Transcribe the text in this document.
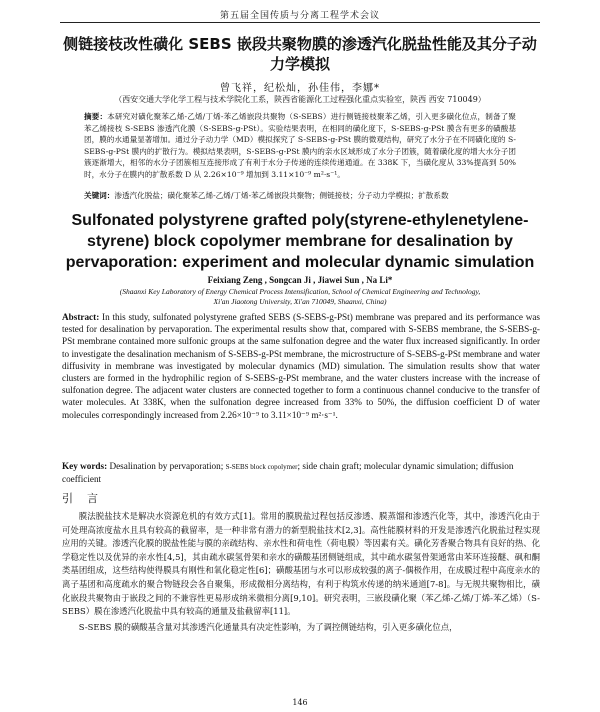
第五届全国传质与分离工程学术会议
侧链接枝改性磺化 SEBS 嵌段共聚物膜的渗透汽化脱盐性能及其分子动力学模拟
曾飞祥，纪松灿，孙佳伟，李娜*
（西安交通大学化学工程与技术学院化工系，陕西省能源化工过程强化重点实验室，陕西 西安 710049）
摘要：本研究对磺化聚苯乙烯-乙烯/丁烯-苯乙烯嵌段共聚物（S-SEBS）进行侧链接枝聚苯乙烯，引入更多磺化位点，制备了聚苯乙烯接枝 S-SEBS 渗透汽化膜（S-SEBS-g-PSt）。实验结果表明，在相同的磺化度下，S-SEBS-g-PSt 膜含有更多的磺酸基团，膜的水通量显著增加。通过分子动力学（MD）模拟探究了 S-SEBS-g-PSt 膜的微观结构，研究了水分子在不同磺化度的 S-SEBS-g-PSt 膜内的扩散行为。模拟结果表明，S-SEBS-g-PSt 膜内的亲水区域形成了水分子团簇，随着磺化度的增大水分子团簇逐渐增大，相邻的水分子团簇相互连接形成了有利于水分子传递的连续传递通道。在 338K 下，当磺化度从 33%提高到 50%时，水分子在膜内的扩散系数 D 从 2.26×10⁻⁹ 增加到 3.11×10⁻⁹ m²·s⁻¹。
关键词：渗透汽化脱盐；磺化聚苯乙烯-乙烯/丁烯-苯乙烯嵌段共聚物；侧链接枝；分子动力学模拟；扩散系数
Sulfonated polystyrene grafted poly(styrene-ethylenetylene-styrene) block copolymer membrane for desalination by pervaporation: experiment and molecular dynamic simulation
Feixiang Zeng , Songcan Ji , Jiawei Sun , Na Li*
(Shaanxi Key Laboratory of Energy Chemical Process Intensification, School of Chemical Engineering and Technology,
Xi'an Jiaotong University, Xi'an 710049, Shaanxi, China)
Abstract: In this study, sulfonated polystyrene grafted SEBS (S-SEBS-g-PSt) membrane was prepared and its performance was tested for desalination by pervaporation. The experimental results show that, compared with S-SEBS membrane, the S-SEBS-g-PSt membrane contained more sulfonic groups at the same sulfonation degree and the water flux increased significantly. In order to investigate the desalination mechanism of S-SEBS-g-PSt membrane, the microstructure of S-SEBS-g-PSt membrane and water diffusivity in membrane was investigated by molecular dynamics (MD) simulation. The simulation results show that water clusters are formed in the hydrophilic region of S-SEBS-g-PSt membrane, and the water clusters increase with the increase of sulfonation degree. The adjacent water clusters are connected together to form a continuous channel conducive to the transfer of water molecules. At 338K, when the sulfonation degree increased from 33% to 50%, the diffusion coefficient D of water molecules correspondingly increased from 2.26×10⁻⁹ to 3.11×10⁻⁹ m²·s⁻¹.
Key words: Desalination by pervaporation; S-SEBS block copolymer; side chain graft; molecular dynamic simulation; diffusion coefficient
引言

膜法脱盐技术是解决水资源危机的有效方式[1]。常用的膜脱盐过程包括反渗透、膜蒸馏和渗透汽化等，其中，渗透汽化由于可处理高浓度盐水且具有较高的截留率，是一种非常有潜力的新型脱盐技术[2,3]。高性能膜材料的开发是渗透汽化脱盐过程实现应用的关键。渗透汽化膜的脱盐性能与膜的亲疏结构、亲水性和荷电性（荷电膜）等因素有关。磺化芳香聚合物具有良好的热、化学稳定性以及优异的亲水性[4,5]，其由疏水碳氢骨架和亲水的磺酸基团侧链组成，其中疏水碳氢骨架通常由苯环连接醚、砜和酮类基团组成，这些结构使得膜具有刚性和氧化稳定性[6]；磺酸基团与水可以形成较强的离子-偶极作用，在成膜过程中高度亲水的离子基团和高度疏水的聚合物链段会各自聚集，形成微相分离结构，有利于构筑水传递的纳米通道[7-8]。与无规共聚物相比，磺化嵌段共聚物由于嵌段之间的不兼容性更易形成纳米微相分离[9,10]。研究表明，三嵌段磺化聚（苯乙烯-乙烯/丁烯-苯乙烯）（S-SEBS）膜在渗透汽化脱盐中具有较高的通量及盐截留率[11]。

S-SEBS 膜的磺酸基含量对其渗透汽化通量具有决定性影响，为了调控侧链结构，引入更多磺化位点，

146
